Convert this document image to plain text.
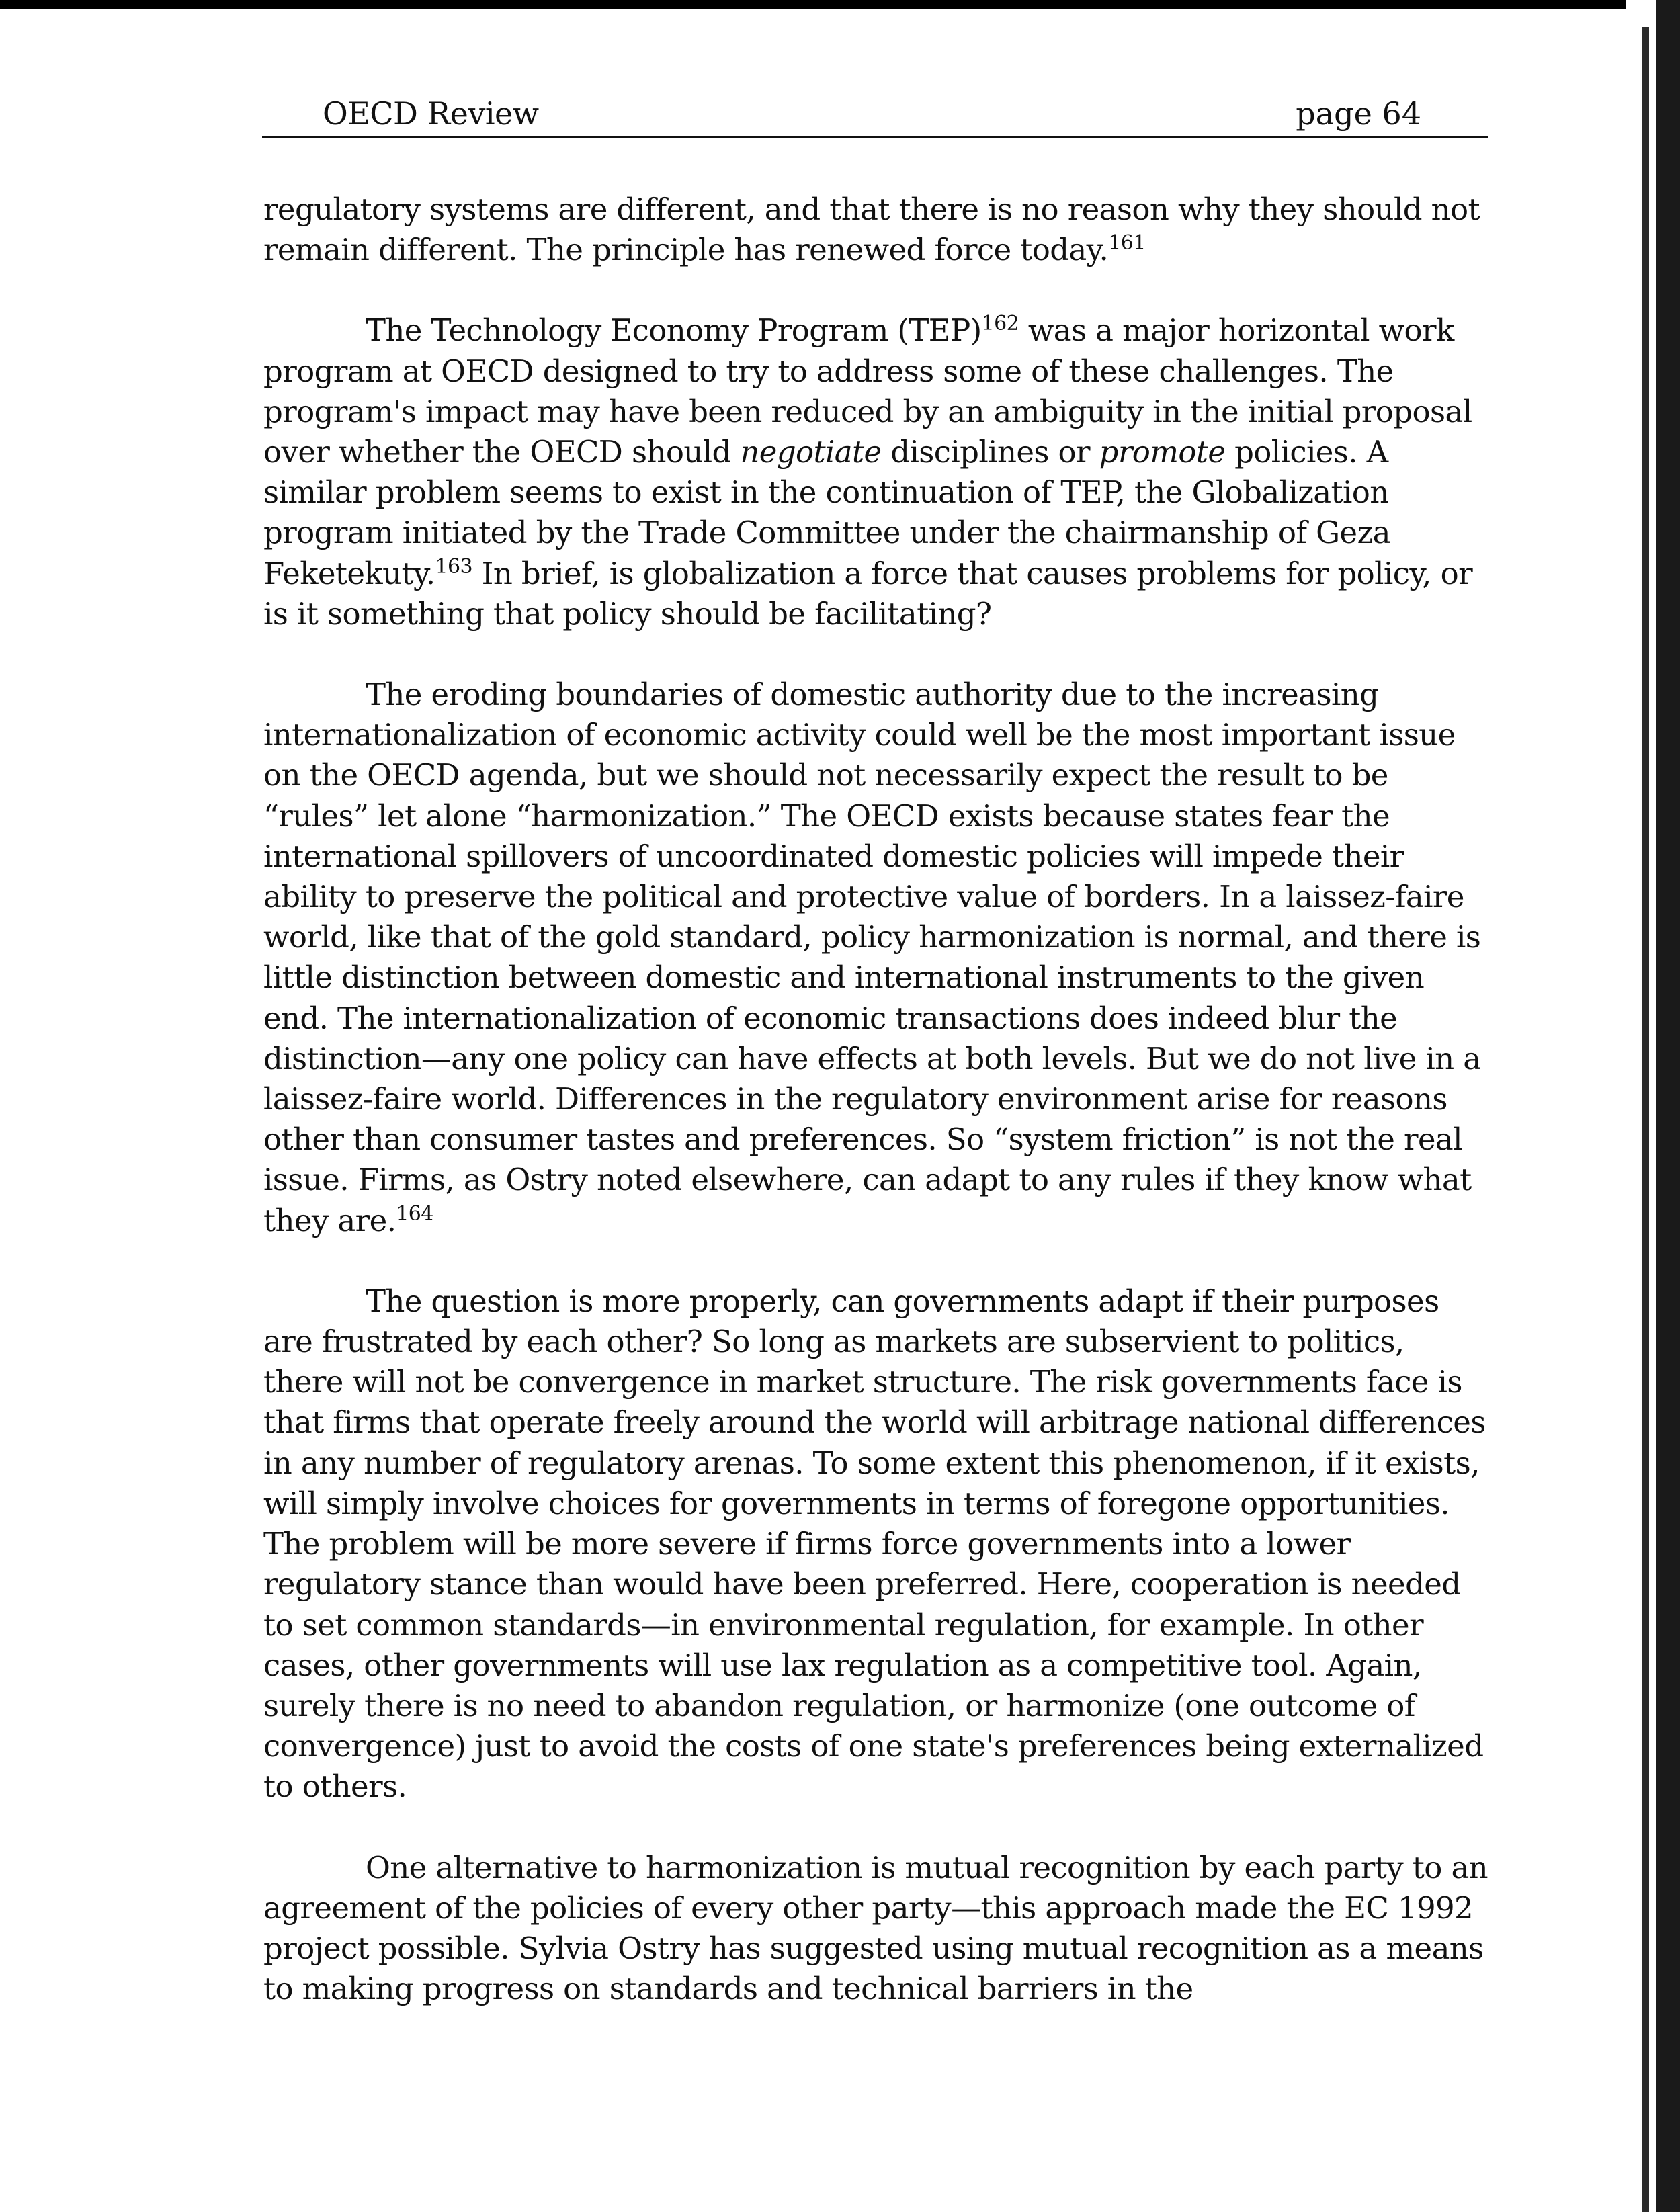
OECD Review	page 64

regulatory systems are different, and that there is no reason why they should not remain different. The principle has renewed force today.$^{161}$

The Technology Economy Program (TEP)$^{162}$ was a major horizontal work program at OECD designed to try to address some of these challenges. The program's impact may have been reduced by an ambiguity in the initial proposal over whether the OECD should negotiate disciplines or promote policies. A similar problem seems to exist in the continuation of TEP, the Globalization program initiated by the Trade Committee under the chairmanship of Geza Feketekuty.$^{163}$ In brief, is globalization a force that causes problems for policy, or is it something that policy should be facilitating?

The eroding boundaries of domestic authority due to the increasing internationalization of economic activity could well be the most important issue on the OECD agenda, but we should not necessarily expect the result to be “rules” let alone “harmonization.” The OECD exists because states fear the international spillovers of uncoordinated domestic policies will impede their ability to preserve the political and protective value of borders. In a laissez-faire world, like that of the gold standard, policy harmonization is normal, and there is little distinction between domestic and international instruments to the given end. The internationalization of economic transactions does indeed blur the distinction—any one policy can have effects at both levels. But we do not live in a laissez-faire world. Differences in the regulatory environment arise for reasons other than consumer tastes and preferences. So “system friction” is not the real issue. Firms, as Ostry noted elsewhere, can adapt to any rules if they know what they are.$^{164}$

The question is more properly, can governments adapt if their purposes are frustrated by each other? So long as markets are subservient to politics, there will not be convergence in market structure. The risk governments face is that firms that operate freely around the world will arbitrage national differences in any number of regulatory arenas. To some extent this phenomenon, if it exists, will simply involve choices for governments in terms of foregone opportunities. The problem will be more severe if firms force governments into a lower regulatory stance than would have been preferred. Here, cooperation is needed to set common standards—in environmental regulation, for example. In other cases, other governments will use lax regulation as a competitive tool. Again, surely there is no need to abandon regulation, or harmonize (one outcome of convergence) just to avoid the costs of one state's preferences being externalized to others.

One alternative to harmonization is mutual recognition by each party to an agreement of the policies of every other party—this approach made the EC 1992 project possible. Sylvia Ostry has suggested using mutual recognition as a means to making progress on standards and technical barriers in the
